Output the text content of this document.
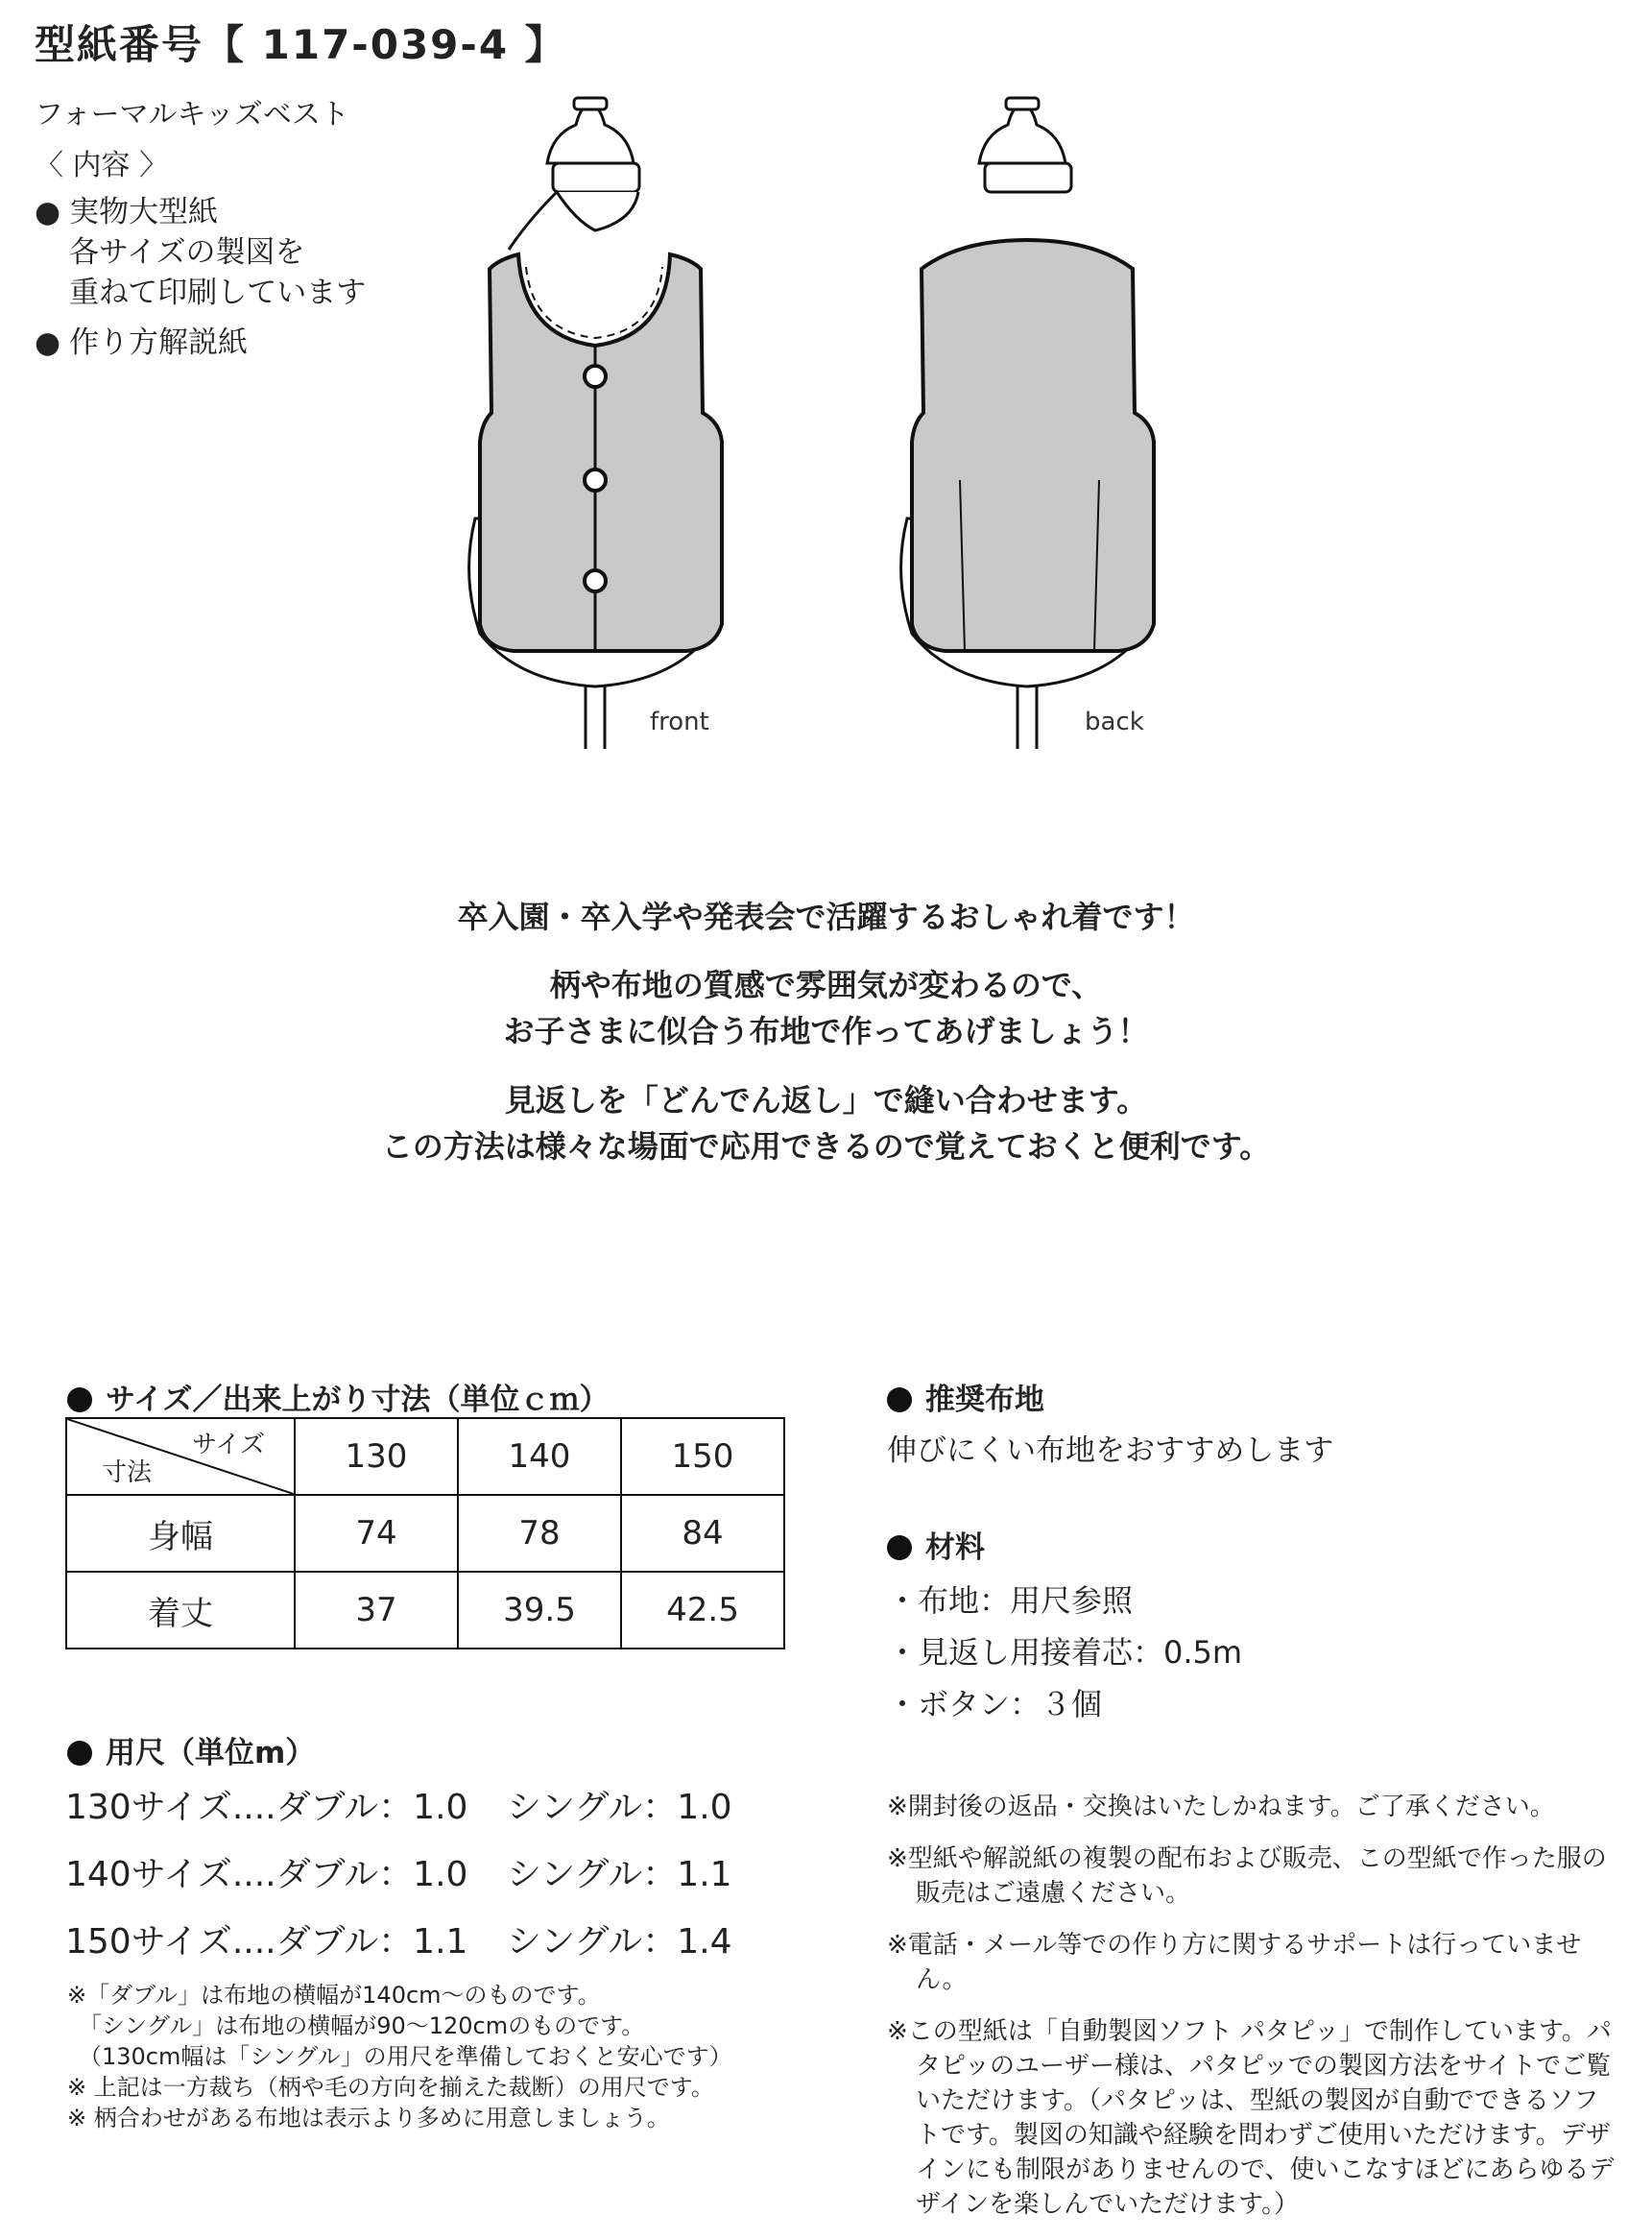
型紙番号【 117-039-4 】
フォーマルキッズベスト
〈 内容 〉
● 実物大型紙
各サイズの製図を
重ねて印刷しています
● 作り方解説紙
front	back
卒入園・卒入学や発表会で活躍するおしゃれ着です！
柄や布地の質感で雰囲気が変わるので、
お子さまに似合う布地で作ってあげましょう！
見返しを「どんでん返し」で縫い合わせます。
この方法は様々な場面で応用できるので覚えておくと便利です。
サイズ／出来上がり寸法（単位ｃｍ）
サイズ
寸法	130	140	150
身幅	74	78	84
着丈	37	39.5	42.5
用尺（単位m）
130サイズ....ダブル：1.0	シングル：1.0
140サイズ....ダブル：1.0	シングル：1.1
150サイズ....ダブル：1.1	シングル：1.4
※「ダブル」は布地の横幅が140cm〜のものです。
　「シングル」は布地の横幅が90〜120cmのものです。
　（130cm幅は「シングル」の用尺を準備しておくと安心です）
※ 上記は一方裁ち（柄や毛の方向を揃えた裁断）の用尺です。
※ 柄合わせがある布地は表示より多めに用意しましょう。
推奨布地
伸びにくい布地をおすすめします
材料
・布地：用尺参照
・見返し用接着芯：0.5m
・ボタン：３個

※開封後の返品・交換はいたしかねます。ご了承ください。

※型紙や解説紙の複製の配布および販売、この型紙で作った服の販売はご遠慮ください。

※電話・メール等での作り方に関するサポートは行っていません。

※この型紙は「自動製図ソフト パタピッ」で制作しています。パタピッのユーザー様は、パタピッでの製図方法をサイトでご覧いただけます。（パタピッは、型紙の製図が自動でできるソフトです。製図の知識や経験を問わずご使用いただけます。デザインにも制限がありませんので、使いこなすほどにあらゆるデザインを楽しんでいただけます。）
